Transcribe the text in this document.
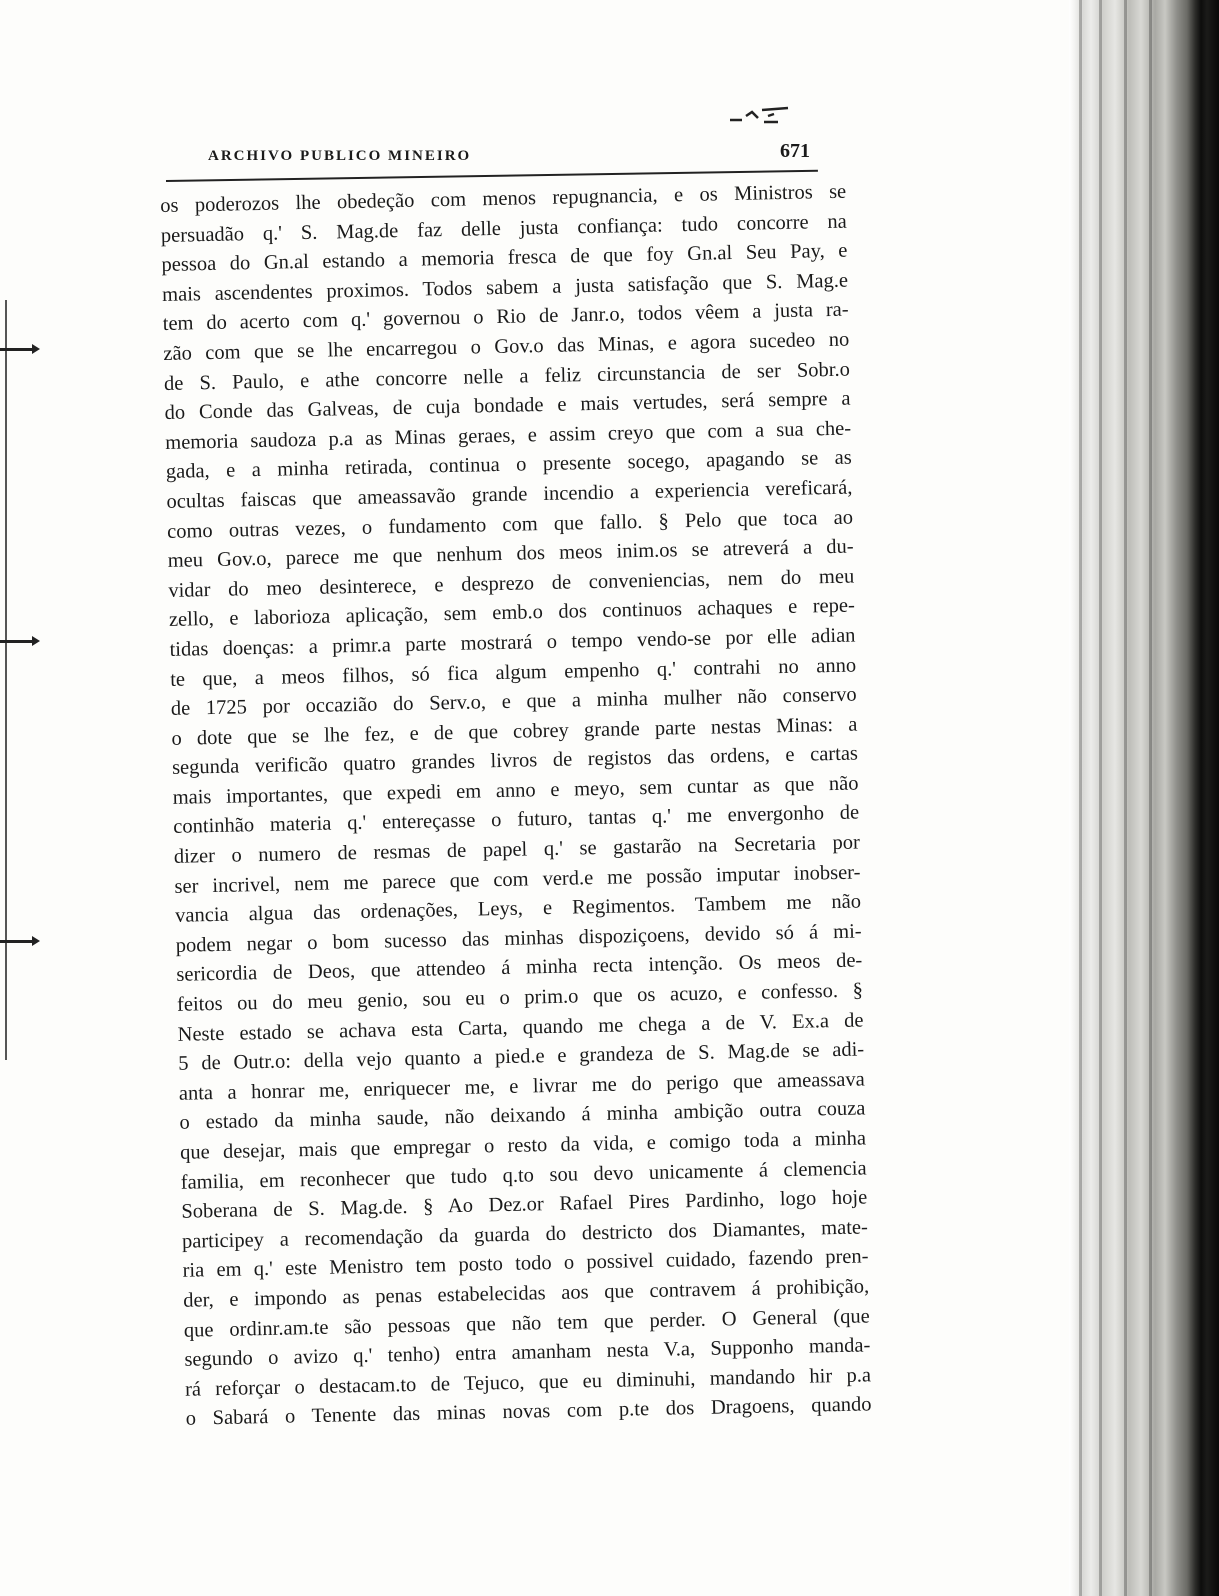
ARCHIVO PUBLICO MINEIRO	671
os poderozos lhe obedeção com menos repugnancia, e os Ministros se
persuadão q.' S. Mag.de faz delle justa confiança: tudo concorre na
pessoa do Gn.al estando a memoria fresca de que foy Gn.al Seu Pay, e
mais ascendentes proximos. Todos sabem a justa satisfação que S. Mag.e
tem do acerto com q.' governou o Rio de Janr.o, todos vêem a justa ra-
zão com que se lhe encarregou o Gov.o das Minas, e agora sucedeo no
de S. Paulo, e athe concorre nelle a feliz circunstancia de ser Sobr.o
do Conde das Galveas, de cuja bondade e mais vertudes, será sempre a
memoria saudoza p.a as Minas geraes, e assim creyo que com a sua che-
gada, e a minha retirada, continua o presente socego, apagando se as
ocultas faiscas que ameassavão grande incendio a experiencia vereficará,
como outras vezes, o fundamento com que fallo. § Pelo que toca ao
meu Gov.o, parece me que nenhum dos meos inim.os se atreverá a du-
vidar do meo desinterece, e desprezo de conveniencias, nem do meu
zello, e laborioza aplicação, sem emb.o dos continuos achaques e repe-
tidas doenças: a primr.a parte mostrará o tempo vendo-se por elle adian
te que, a meos filhos, só fica algum empenho q.' contrahi no anno
de 1725 por occazião do Serv.o, e que a minha mulher não conservo
o dote que se lhe fez, e de que cobrey grande parte nestas Minas: a
segunda verificão quatro grandes livros de registos das ordens, e cartas
mais importantes, que expedi em anno e meyo, sem cuntar as que não
continhão materia q.' entereçasse o futuro, tantas q.' me envergonho de
dizer o numero de resmas de papel q.' se gastarão na Secretaria por
ser incrivel, nem me parece que com verd.e me possão imputar inobser-
vancia algua das ordenações, Leys, e Regimentos. Tambem me não
podem negar o bom sucesso das minhas dispoziçoens, devido só á mi-
sericordia de Deos, que attendeo á minha recta intenção. Os meos de-
feitos ou do meu genio, sou eu o prim.o que os acuzo, e confesso. §
Neste estado se achava esta Carta, quando me chega a de V. Ex.a de
5 de Outr.o: della vejo quanto a pied.e e grandeza de S. Mag.de se adi-
anta a honrar me, enriquecer me, e livrar me do perigo que ameassava
o estado da minha saude, não deixando á minha ambição outra couza
que desejar, mais que empregar o resto da vida, e comigo toda a minha
familia, em reconhecer que tudo q.to sou devo unicamente á clemencia
Soberana de S. Mag.de. § Ao Dez.or Rafael Pires Pardinho, logo hoje
participey a recomendação da guarda do destricto dos Diamantes, mate-
ria em q.' este Menistro tem posto todo o possivel cuidado, fazendo pren-
der, e impondo as penas estabelecidas aos que contravem á prohibição,
que ordinr.am.te são pessoas que não tem que perder. O General (que
segundo o avizo q.' tenho) entra amanham nesta V.a, Supponho manda-
rá reforçar o destacam.to de Tejuco, que eu diminuhi, mandando hir p.a
o Sabará o Tenente das minas novas com p.te dos Dragoens, quando
